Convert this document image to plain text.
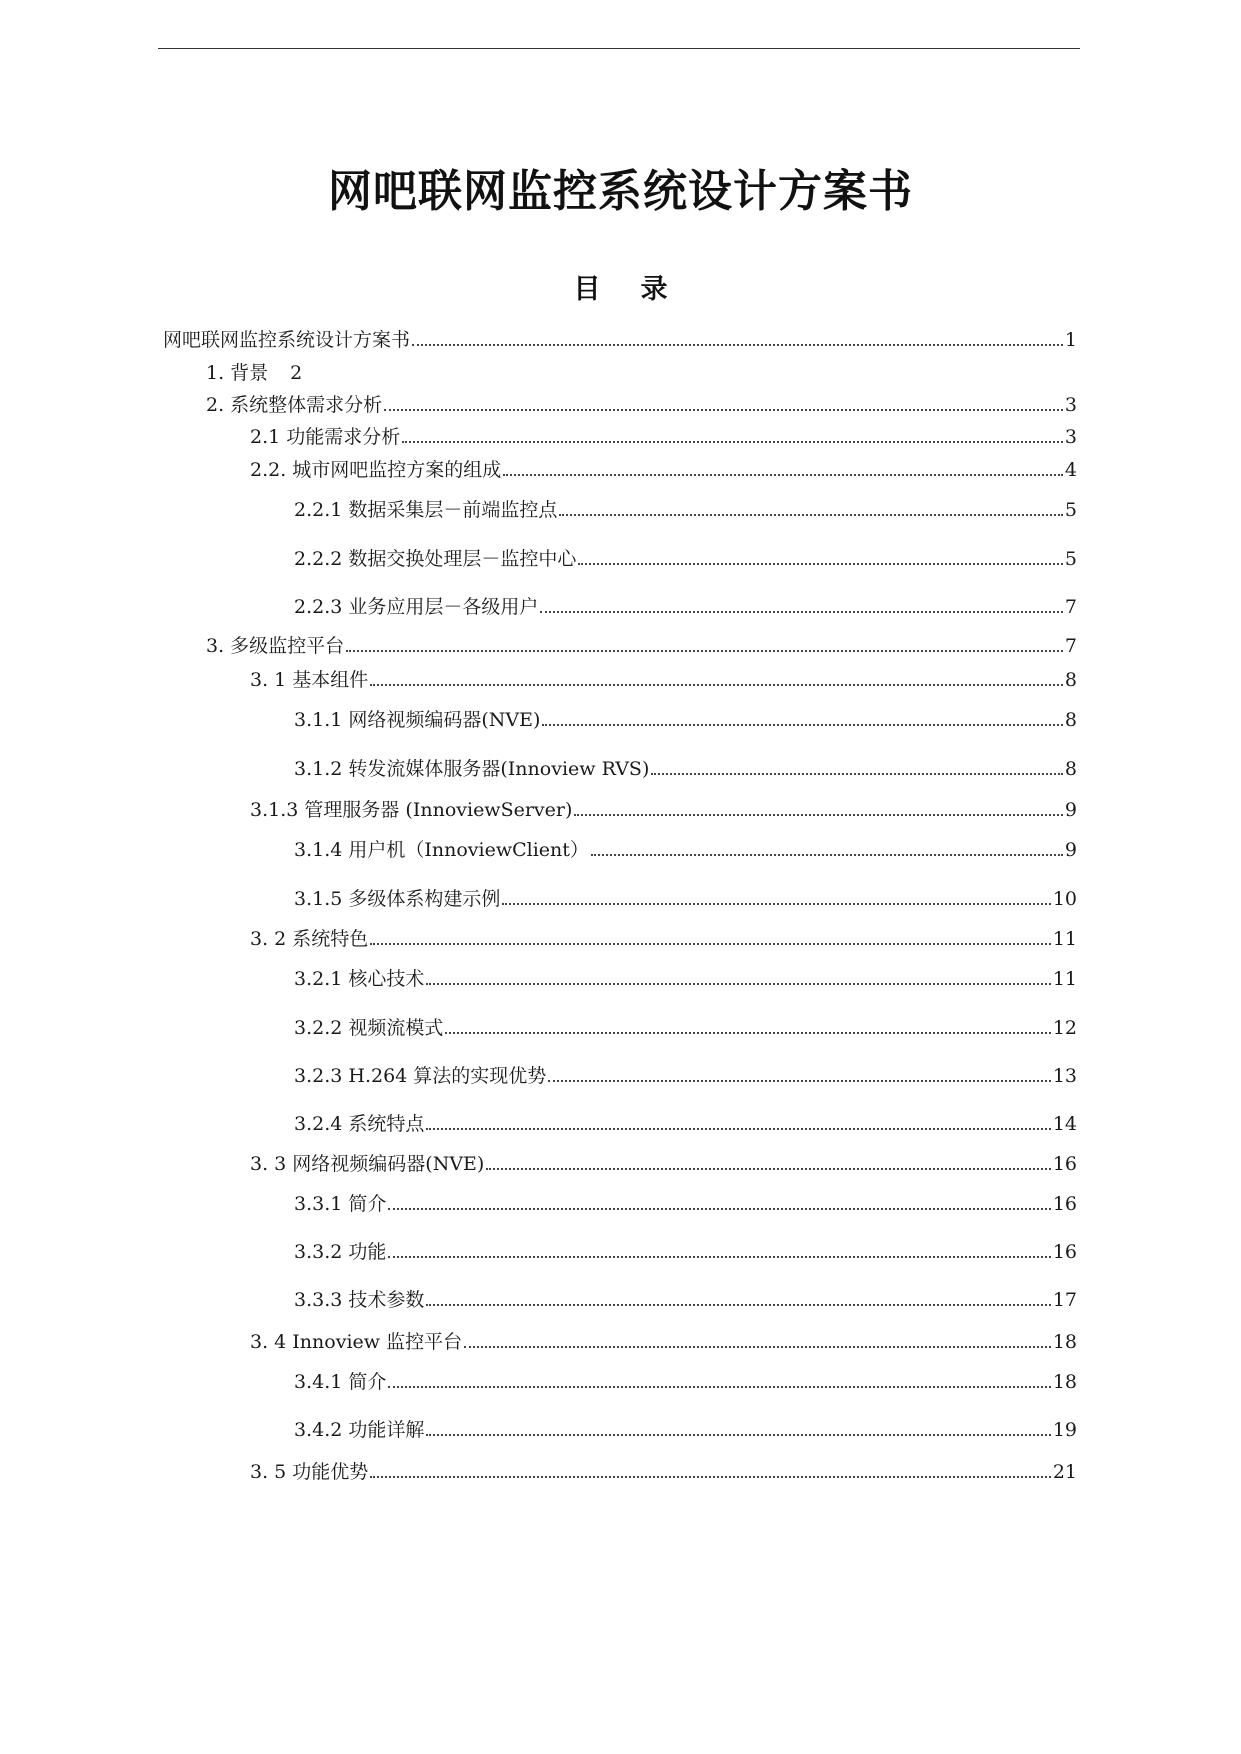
网吧联网监控系统设计方案书
目录
网吧联网监控系统设计方案书	1
1. 背景	2
2. 系统整体需求分析	3
2.1 功能需求分析	3
2.2. 城市网吧监控方案的组成	4
2.2.1 数据采集层－前端监控点	5
2.2.2 数据交换处理层－监控中心	5
2.2.3 业务应用层－各级用户	7
3. 多级监控平台	7
3. 1 基本组件	8
3.1.1 网络视频编码器(NVE)	8
3.1.2 转发流媒体服务器(Innoview RVS)	8
3.1.3 管理服务器 (InnoviewServer)	9
3.1.4 用户机（InnoviewClient）	9
3.1.5 多级体系构建示例	10
3. 2 系统特色	11
3.2.1 核心技术	11
3.2.2 视频流模式	12
3.2.3 H.264 算法的实现优势	13
3.2.4 系统特点	14
3. 3 网络视频编码器(NVE)	16
3.3.1 简介	16
3.3.2 功能	16
3.3.3 技术参数	17
3. 4 Innoview 监控平台	18
3.4.1 简介	18
3.4.2 功能详解	19
3. 5 功能优势	21
